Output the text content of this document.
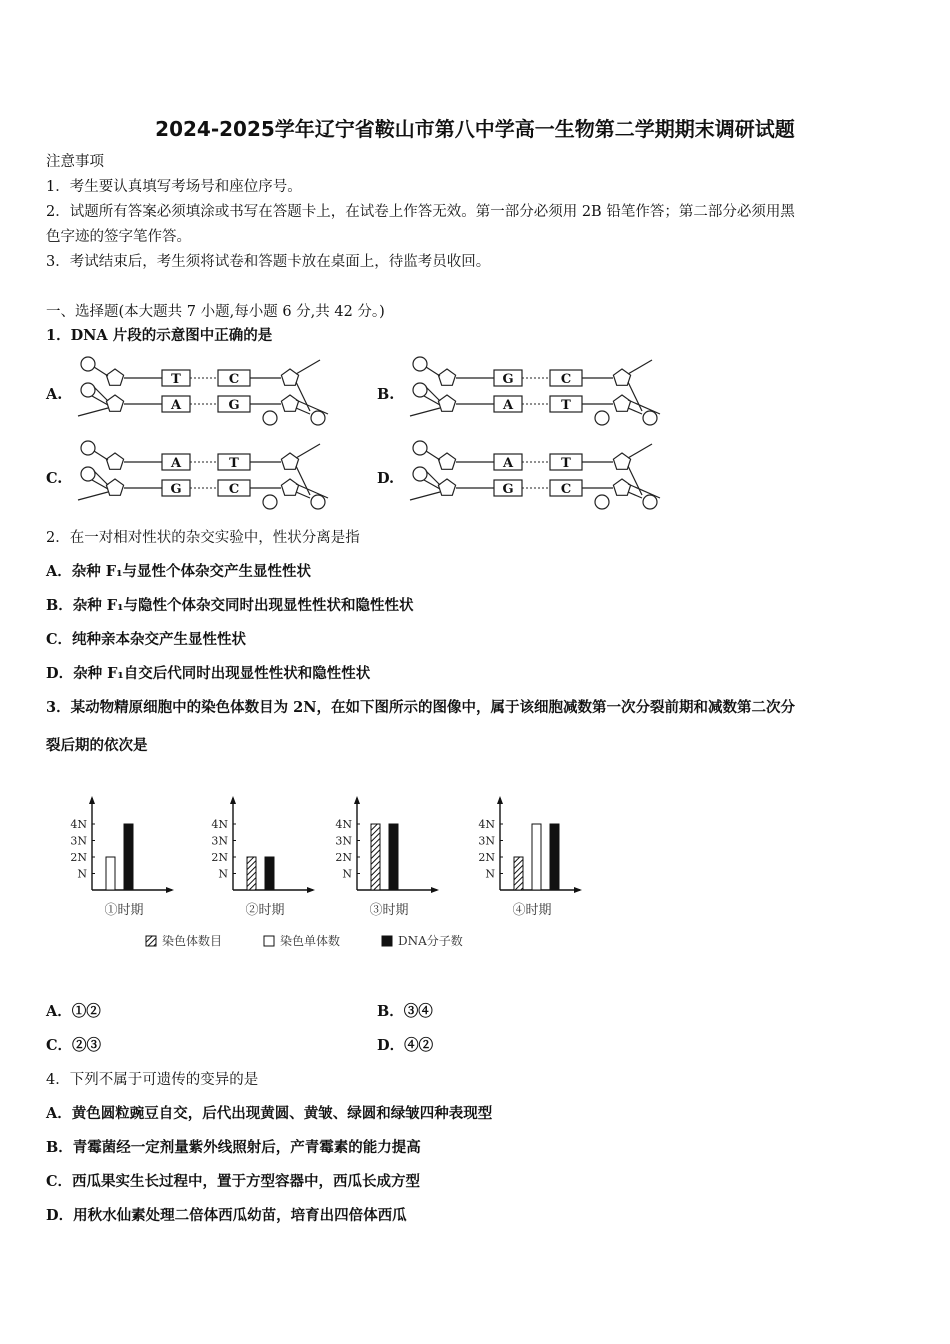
2024-2025学年辽宁省鞍山市第八中学高一生物第二学期期末调研试题
注意事项
1．考生要认真填写考场号和座位序号。
2．试题所有答案必须填涂或书写在答题卡上，在试卷上作答无效。第一部分必须用 2B 铅笔作答；第二部分必须用黑
色字迹的签字笔作答。
3．考试结束后，考生须将试卷和答题卡放在桌面上，待监考员收回。
一、选择题(本大题共 7 小题,每小题 6 分,共 42 分。)
1．DNA 片段的示意图中正确的是
A.	B.
C.	D.
T	C
A	G
G	C
A	T
A	T
G	C
A	T
G	C
2．在一对相对性状的杂交实验中，性状分离是指
A．杂种 F₁与显性个体杂交产生显性性状
B．杂种 F₁与隐性个体杂交同时出现显性性状和隐性性状
C．纯种亲本杂交产生显性性状
D．杂种 F₁自交后代同时出现显性性状和隐性性状
3．某动物精原细胞中的染色体数目为 2N，在如下图所示的图像中，属于该细胞减数第一次分裂前期和减数第二次分
裂后期的依次是
N
2N
3N
4N
①时期
N
2N
3N
4N
②时期
N
2N
3N
4N
③时期
N
2N
3N
4N
④时期
染色体数目	染色单体数	DNA分子数
A．①②	B．③④
C．②③	D．④②
4．下列不属于可遗传的变异的是
A．黄色圆粒豌豆自交，后代出现黄圆、黄皱、绿圆和绿皱四种表现型
B．青霉菌经一定剂量紫外线照射后，产青霉素的能力提高
C．西瓜果实生长过程中，置于方型容器中，西瓜长成方型
D．用秋水仙素处理二倍体西瓜幼苗，培育出四倍体西瓜
